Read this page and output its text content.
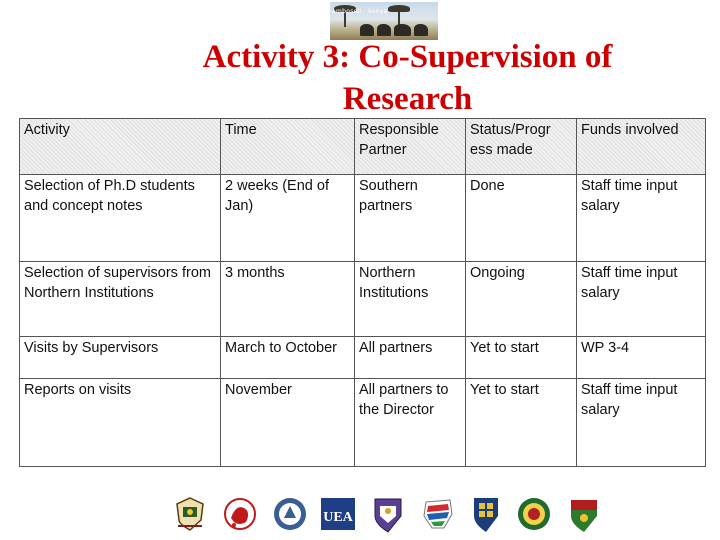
amboseli · kenya
Activity 3: Co-Supervision of Research
Activity	Time	Responsible Partner	Status/Progr ess made	Funds involved
Selection of Ph.D students and concept notes	2 weeks (End of Jan)	Southern partners	Done	Staff time input salary
Selection of supervisors from Northern Institutions	3 months	Northern Institutions	Ongoing	Staff time input salary
Visits by Supervisors	March to October	All partners	Yet to start	WP 3-4
Reports on visits	November	All partners to the Director	Yet to start	Staff time input salary
UEA
